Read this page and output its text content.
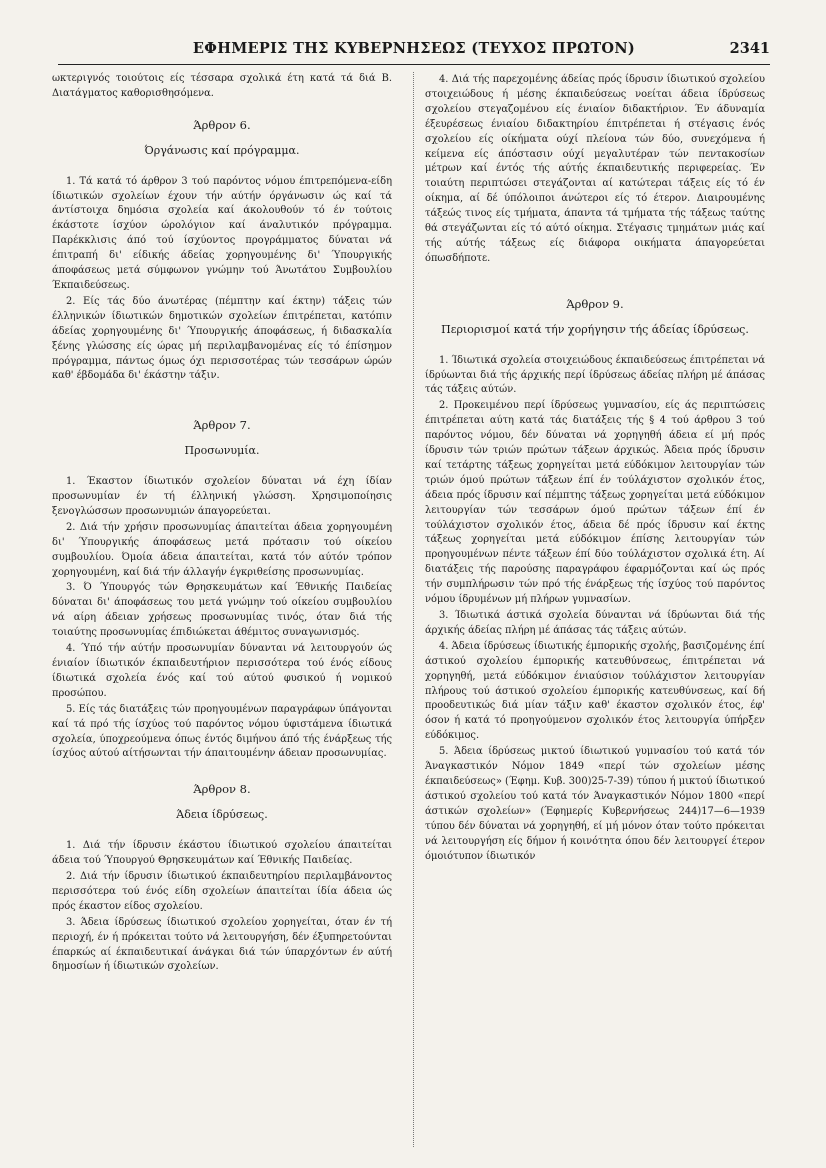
ΕΦΗΜΕΡΙΣ ΤΗΣ ΚΥΒΕΡΝΗΣΕΩΣ (ΤΕΥΧΟΣ ΠΡΩΤΟΝ)	2341

ωκτεριγνός τοιούτοις είς τέσσαρα σχολικά έτη κατά τά διά Β. Διατάγματος καθορισθησόμενα.

Άρθρον 6.
Όργάνωσις καί πρόγραμμα.

1. Τά κατά τό άρθρον 3 τού παρόντος νόμου έπιτρεπόμενα-είδη ίδιωτικών σχολείων έχουν τήν αύτήν όργάνωσιν ώς καί τά άντίστοιχα δημόσια σχολεία καί άκολουθούν τό έν τούτοις έκάστοτε ίσχύον ώρολόγιον καί άναλυτικόν πρόγραμμα. Παρέκκλισις άπό τού ίσχύοντος προγράμματος δύναται νά έπιτραπή δι' είδικής άδείας χορηγουμένης δι' Ύπουργικής άποφάσεως μετά σύμφωνον γνώμην τού Άνωτάτου Συμβουλίου Έκπαιδεύσεως.

2. Είς τάς δύο άνωτέρας (πέμπτην καί έκτην) τάξεις τών έλληνικών ίδιωτικών δημοτικών σχολείων έπιτρέπεται, κατόπιν άδείας χορηγουμένης δι' Ύπουργικής άποφάσεως, ή διδασκαλία ξένης γλώσσης είς ώρας μή περιλαμβανομένας είς τό έπίσημον πρόγραμμα, πάντως όμως όχι περισσοτέρας τών τεσσάρων ώρών καθ' έβδομάδα δι' έκάστην τάξιν.

Άρθρον 7.
Προσωνυμία.

1. Έκαστον ίδιωτικόν σχολείον δύναται νά έχη ίδίαν προσωνυμίαν έν τή έλληνική γλώσση. Χρησιμοποίησις ξενογλώσσων προσωνυμιών άπαγορεύεται.

2. Διά τήν χρήσιν προσωνυμίας άπαιτείται άδεια χορηγουμένη δι' Ύπουργικής άποφάσεως μετά πρότασιν τού οίκείου συμβουλίου. Όμοία άδεια άπαιτείται, κατά τόν αύτόν τρόπον χορηγουμένη, καί διά τήν άλλαγήν έγκριθείσης προσωνυμίας.

3. Ό Ύπουργός τών Θρησκευμάτων καί Έθνικής Παιδείας δύναται δι' άποφάσεως του μετά γνώμην τού οίκείου συμβουλίου νά αίρη άδειαν χρήσεως προσωνυμίας τινός, όταν διά τής τοιαύτης προσωνυμίας έπιδιώκεται άθέμιτος συναγωνισμός.

4. Ύπό τήν αύτήν προσωνυμίαν δύνανται νά λειτουργούν ώς ένιαίον ίδιωτικόν έκπαιδευτήριον περισσότερα τού ένός είδους ίδιωτικά σχολεία ένός καί τού αύτού φυσικού ή νομικού προσώπου.

5. Είς τάς διατάξεις τών προηγουμένων παραγράφων ύπάγονται καί τά πρό τής ίσχύος τού παρόντος νόμου ύφιστάμενα ίδιωτικά σχολεία, ύποχρεούμενα όπως έντός διμήνου άπό τής ένάρξεως τής ίσχύος αύτού αίτήσωνται τήν άπαιτουμένην άδειαν προσωνυμίας.

Άρθρον 8.
Άδεια ίδρύσεως.

1. Διά τήν ίδρυσιν έκάστου ίδιωτικού σχολείου άπαιτείται άδεια τού Ύπουργού Θρησκευμάτων καί Έθνικής Παιδείας.

2. Διά τήν ίδρυσιν ίδιωτικού έκπαιδευτηρίου περιλαμβάνοντος περισσότερα τού ένός είδη σχολείων άπαιτείται ίδία άδεια ώς πρός έκαστον είδος σχολείου.

3. Άδεια ίδρύσεως ίδιωτικού σχολείου χορηγείται, όταν έν τή περιοχή, έν ή πρόκειται τούτο νά λειτουργήση, δέν έξυπηρετούνται έπαρκώς αί έκπαιδευτικαί άνάγκαι διά τών ύπαρχόντων έν αύτή δημοσίων ή ίδιωτικών σχολείων.

4. Διά τής παρεχομένης άδείας πρός ίδρυσιν ίδιωτικού σχολείου στοιχειώδους ή μέσης έκπαιδεύσεως νοείται άδεια ίδρύσεως σχολείου στεγαζομένου είς ένιαίον διδακτήριον. Έν άδυναμία έξευρέσεως ένιαίου διδακτηρίου έπιτρέπεται ή στέγασις ένός σχολείου είς οίκήματα ούχί πλείονα τών δύο, συνεχόμενα ή κείμενα είς άπόστασιν ούχί μεγαλυτέραν τών πεντακοσίων μέτρων καί έντός τής αύτής έκπαιδευτικής περιφερείας. Έν τοιαύτη περιπτώσει στεγάζονται αί κατώτεραι τάξεις είς τό έν οίκημα, αί δέ ύπόλοιποι άνώτεροι είς τό έτερον. Διαιρουμένης τάξεώς τινος είς τμήματα, άπαντα τά τμήματα τής τάξεως ταύτης θά στεγάζωνται είς τό αύτό οίκημα. Στέγασις τμημάτων μιάς καί τής αύτής τάξεως είς διάφορα οικήματα άπαγορεύεται όπωσδήποτε.

Άρθρον 9.
Περιορισμοί κατά τήν χορήγησιν τής άδείας ίδρύσεως.

1. Ίδιωτικά σχολεία στοιχειώδους έκπαιδεύσεως έπιτρέπεται νά ίδρύωνται διά τής άρχικής περί ίδρύσεως άδείας πλήρη μέ άπάσας τάς τάξεις αύτών.

2. Προκειμένου περί ίδρύσεως γυμνασίου, είς άς περιπτώσεις έπιτρέπεται αύτη κατά τάς διατάξεις τής § 4 τού άρθρου 3 τού παρόντος νόμου, δέν δύναται νά χορηγηθή άδεια εί μή πρός ίδρυσιν τών τριών πρώτων τάξεων άρχικώς. Άδεια πρός ίδρυσιν καί τετάρτης τάξεως χορηγείται μετά εύδόκιμον λειτουργίαν τών τριών όμού πρώτων τάξεων έπί έν τούλάχιστον σχολικόν έτος, άδεια πρός ίδρυσιν καί πέμπτης τάξεως χορηγείται μετά εύδόκιμον λειτουργίαν τών τεσσάρων όμού πρώτων τάξεων έπί έν τούλάχιστον σχολικόν έτος, άδεια δέ πρός ίδρυσιν καί έκτης τάξεως χορηγείται μετά εύδόκιμον έπίσης λειτουργίαν τών προηγουμένων πέντε τάξεων έπί δύο τούλάχιστον σχολικά έτη. Αί διατάξεις τής παρούσης παραγράφου έφαρμόζονται καί ώς πρός τήν συμπλήρωσιν τών πρό τής ένάρξεως τής ίσχύος τού παρόντος νόμου ίδρυμένων μή πλήρων γυμνασίων.

3. Ίδιωτικά άστικά σχολεία δύνανται νά ίδρύωνται διά τής άρχικής άδείας πλήρη μέ άπάσας τάς τάξεις αύτών.

4. Άδεια ίδρύσεως ίδιωτικής έμπορικής σχολής, βασιζομένης έπί άστικού σχολείου έμπορικής κατευθύνσεως, έπιτρέπεται νά χορηγηθή, μετά εύδόκιμον ένιαύσιον τούλάχιστον λειτουργίαν πλήρους τού άστικού σχολείου έμπορικής κατευθύνσεως, καί δή προοδευτικώς διά μίαν τάξιν καθ' έκαστον σχολικόν έτος, έφ' όσον ή κατά τό προηγούμενον σχολικόν έτος λειτουργία ύπήρξεν εύδόκιμος.

5. Άδεια ίδρύσεως μικτού ίδιωτικού γυμνασίου τού κατά τόν Άναγκαστικόν Νόμον 1849 «περί τών σχολείων μέσης έκπαιδεύσεως» (Έφημ. Κυβ. 300)25-7-39) τύπου ή μικτού ίδιωτικού άστικού σχολείου τού κατά τόν Άναγκαστικόν Νόμον 1800 «περί άστικών σχολείων» (Έφημερίς Κυβερνήσεως 244)17—6—1939 τύπου δέν δύναται νά χορηγηθή, εί μή μόνον όταν τούτο πρόκειται νά λειτουργήση είς δήμον ή κοινότητα όπου δέν λειτουργεί έτερον όμοιότυπον ίδιωτικόν
